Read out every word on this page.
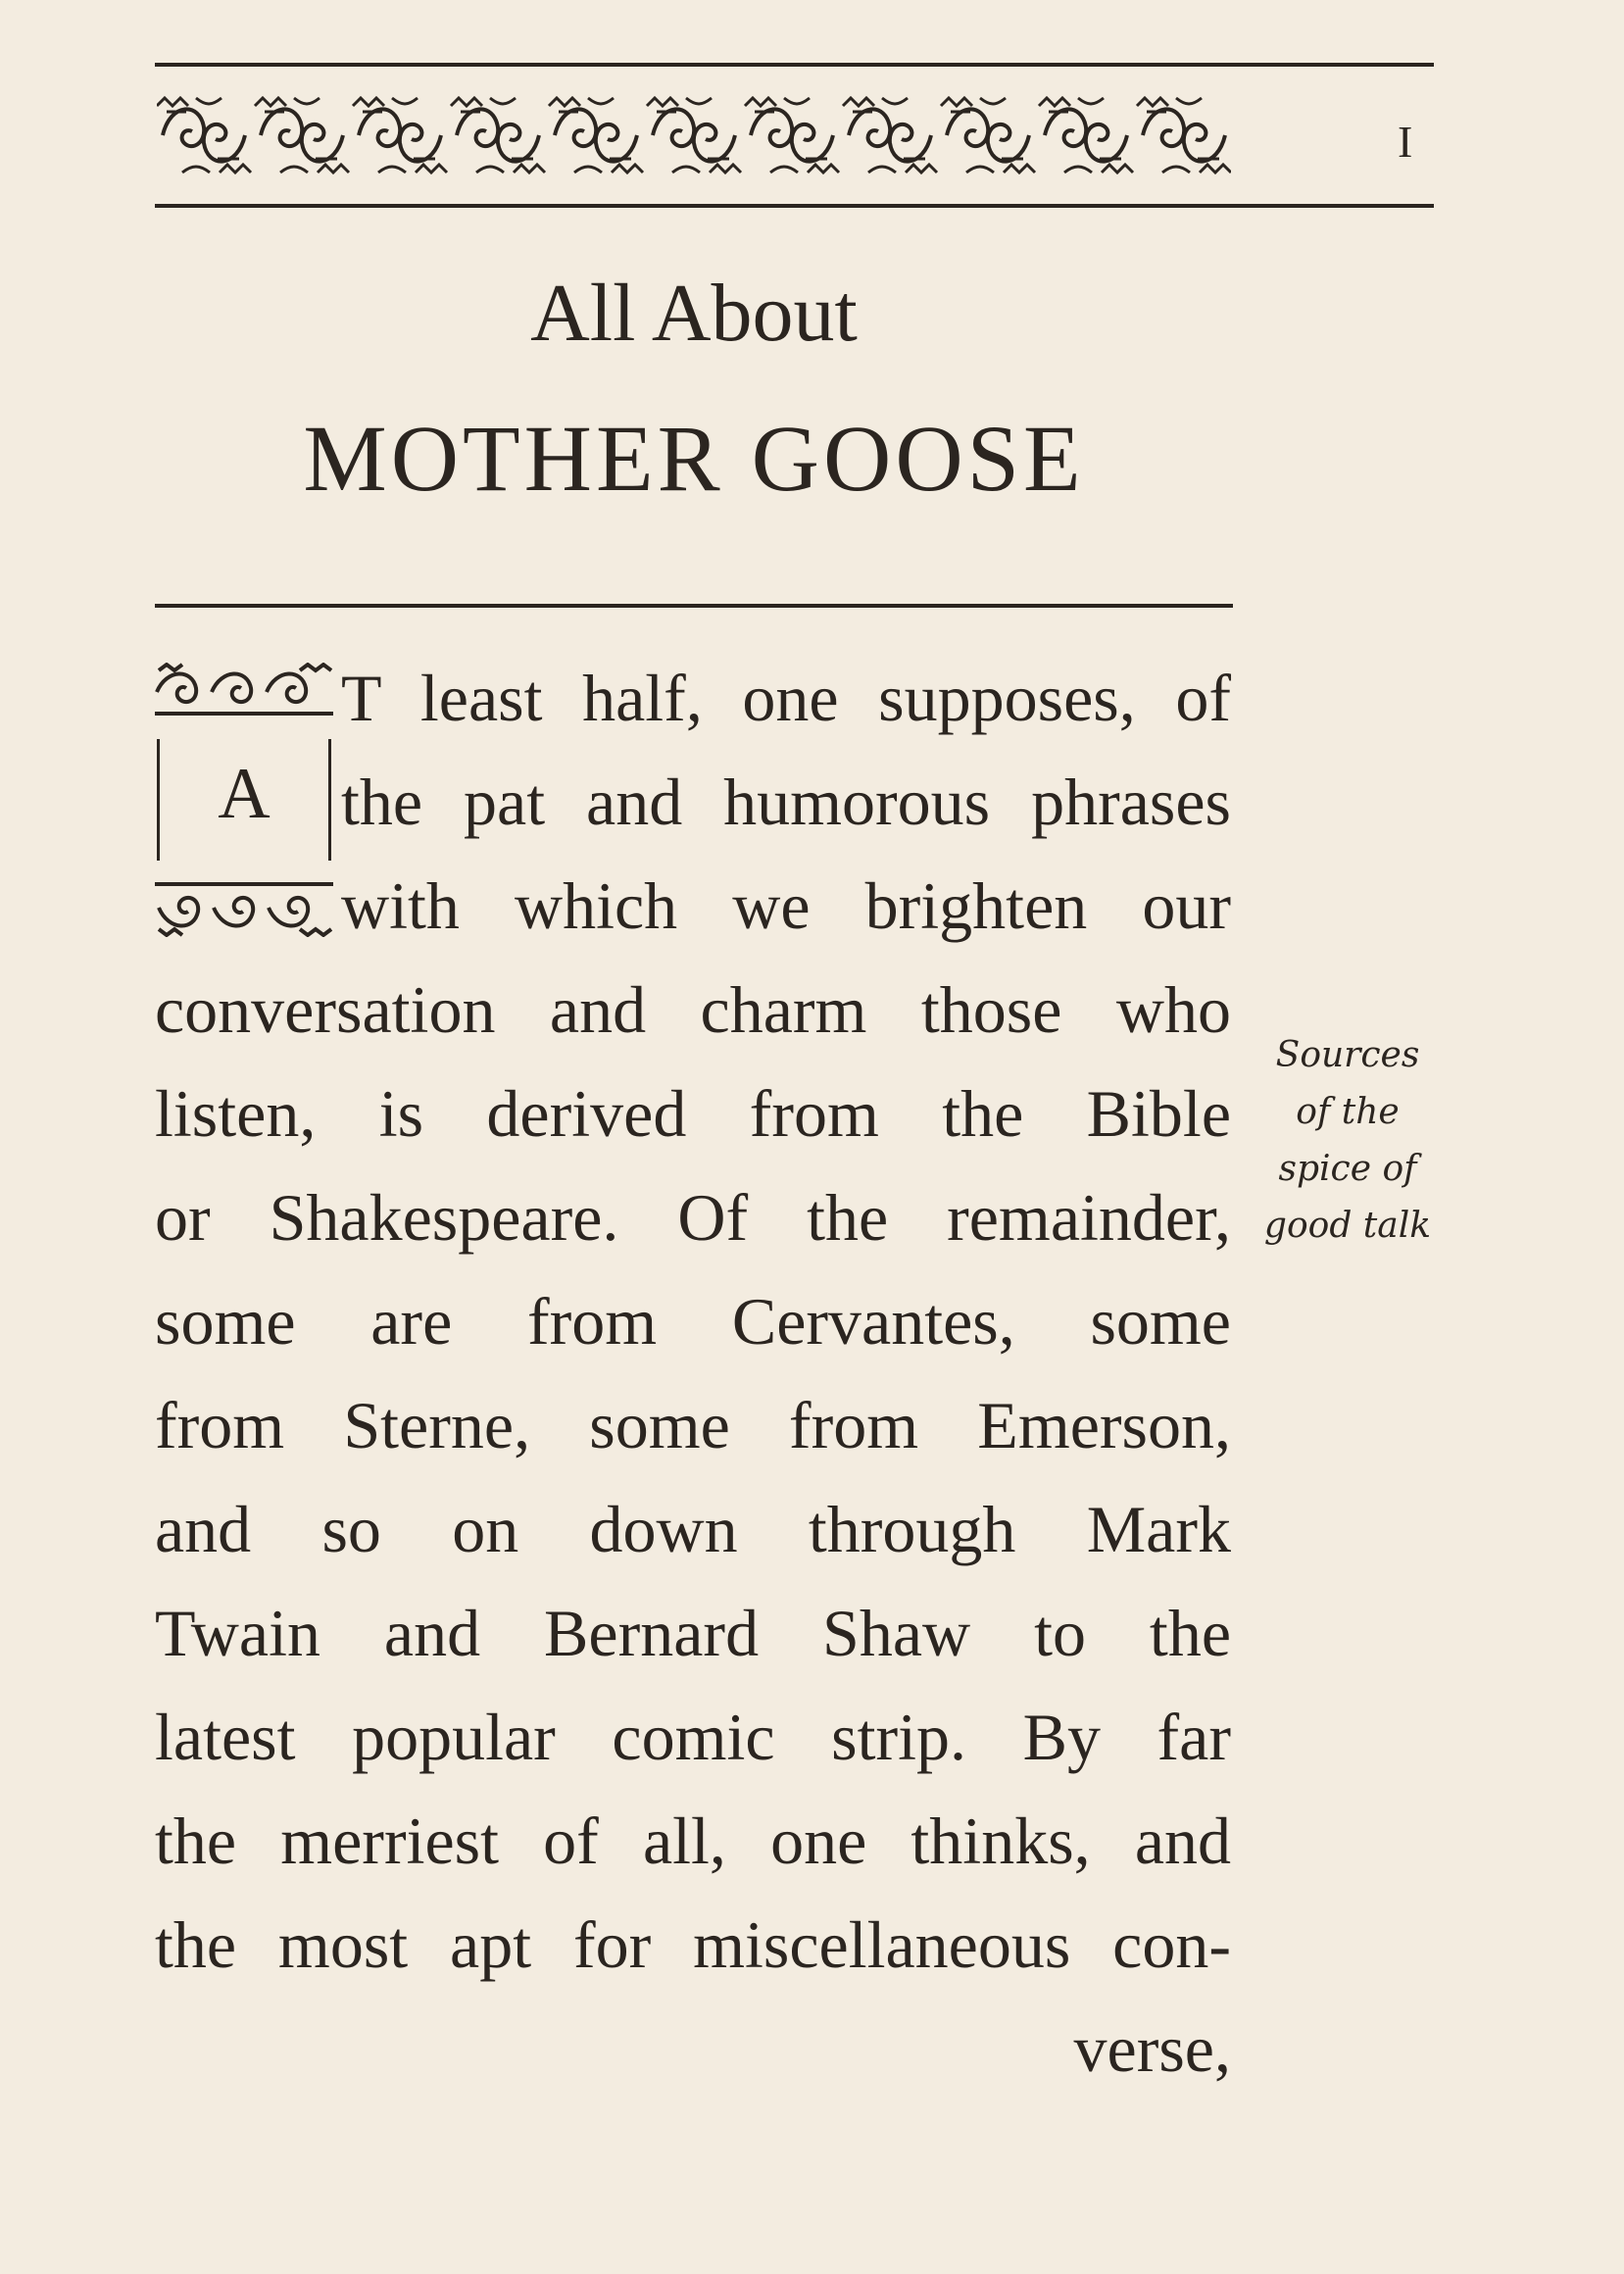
I
All About
MOTHER GOOSE
A
T least half, one supposes, of
the pat and humorous phrases
with which we brighten our
conversation and charm those who
listen, is derived from the Bible
or Shakespeare. Of the remainder,
some are from Cervantes, some
from Sterne, some from Emerson,
and so on down through Mark
Twain and Bernard Shaw to the
latest popular comic strip. By far
the merriest of all, one thinks, and
the most apt for miscellaneous con-
verse,
Sources
of the
spice of
good talk
